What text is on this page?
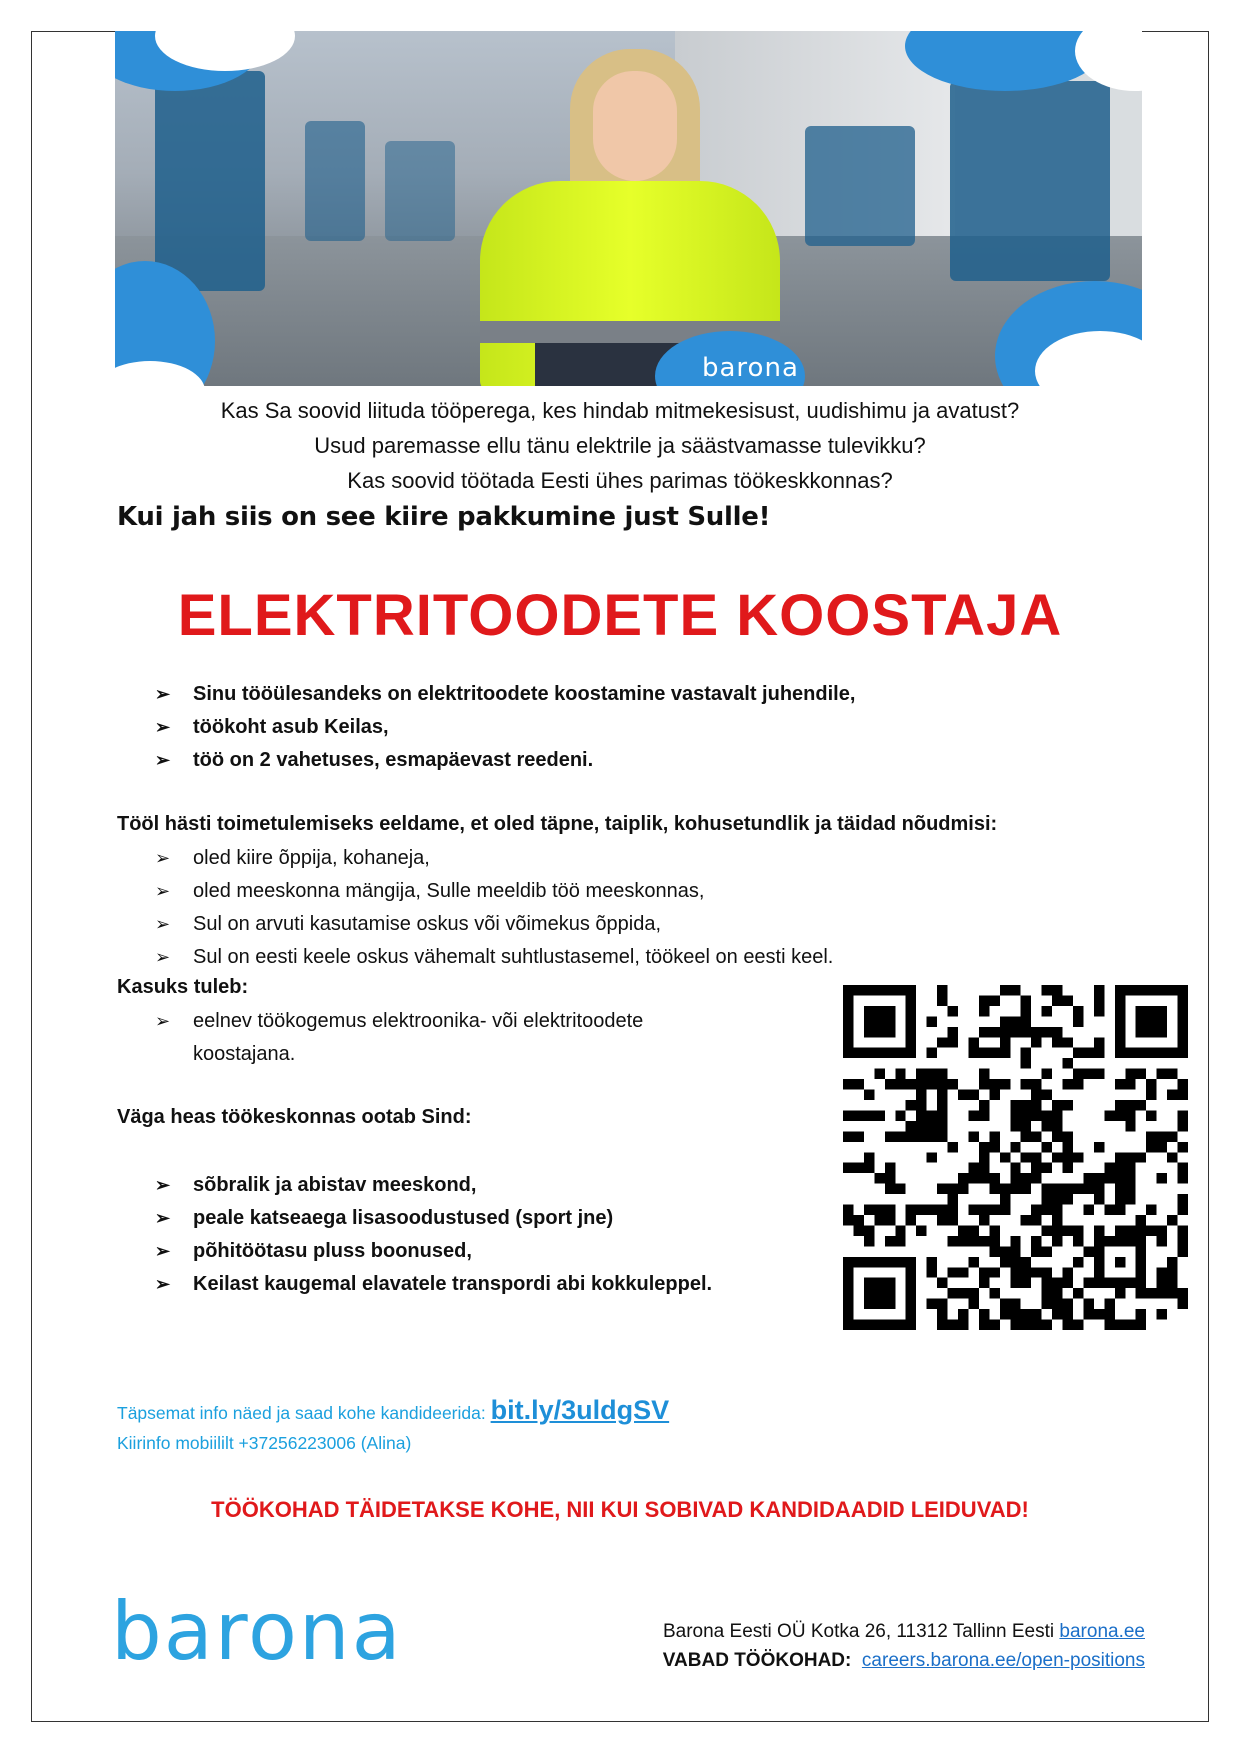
barona
Kas Sa soovid liituda tööperega, kes hindab mitmekesisust, uudishimu ja avatust?
Usud paremasse ellu tänu elektrile ja säästvamasse tulevikku?
Kas soovid töötada Eesti ühes parimas töökeskkonnas?
Kui jah siis on see kiire pakkumine just Sulle!
ELEKTRITOODETE KOOSTAJA
➢ Sinu tööülesandeks on elektritoodete koostamine vastavalt juhendile,
➢ töökoht asub Keilas,
➢ töö on 2 vahetuses, esmapäevast reedeni.
Tööl hästi toimetulemiseks eeldame, et oled täpne, taiplik, kohusetundlik ja täidad nõudmisi:
➢ oled kiire õppija, kohaneja,
➢ oled meeskonna mängija, Sulle meeldib töö meeskonnas,
➢ Sul on arvuti kasutamise oskus või võimekus õppida,
➢ Sul on eesti keele oskus vähemalt suhtlustasemel, töökeel on eesti keel.
Kasuks tuleb:
➢ eelnev töökogemus elektroonika- või elektritoodete
koostajana.
Väga heas töökeskonnas ootab Sind:
➢ sõbralik ja abistav meeskond,
➢ peale katseaega lisasoodustused (sport jne)
➢ põhitöötasu pluss boonused,
➢ Keilast kaugemal elavatele transpordi abi kokkuleppel.
Täpsemat info näed ja saad kohe kandideerida: bit.ly/3uldgSV
Kiirinfo mobiililt +37256223006 (Alina)
TÖÖKOHAD TÄIDETAKSE KOHE, NII KUI SOBIVAD KANDIDAADID LEIDUVAD!
barona	Barona Eesti OÜ Kotka 26, 11312 Tallinn Eesti barona.ee
VABAD TÖÖKOHAD: careers.barona.ee/open-positions
